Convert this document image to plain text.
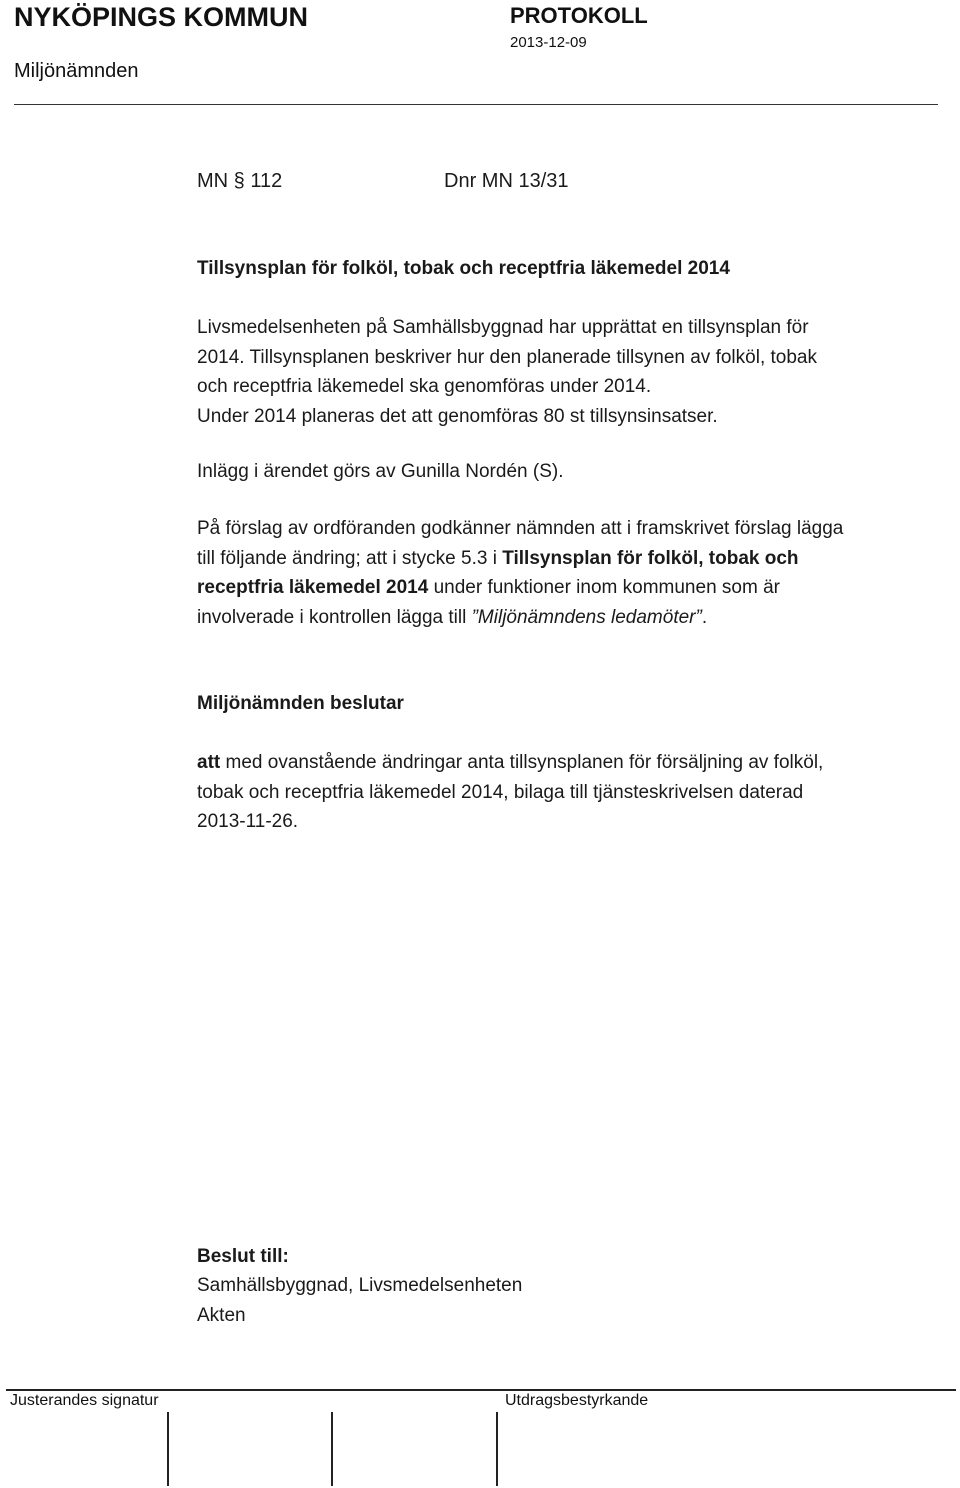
NYKÖPINGS KOMMUN
Miljönämnden
PROTOKOLL
2013-12-09
MN § 112	Dnr MN 13/31
Tillsynsplan för folköl, tobak och receptfria läkemedel 2014
Livsmedelsenheten på Samhällsbyggnad har upprättat en tillsynsplan för
2014. Tillsynsplanen beskriver hur den planerade tillsynen av folköl, tobak
och receptfria läkemedel ska genomföras under 2014.
Under 2014 planeras det att genomföras 80 st tillsynsinsatser.
Inlägg i ärendet görs av Gunilla Nordén (S).
På förslag av ordföranden godkänner nämnden att i framskrivet förslag lägga
till följande ändring; att i stycke 5.3 i Tillsynsplan för folköl, tobak och
receptfria läkemedel 2014 under funktioner inom kommunen som är
involverade i kontrollen lägga till ”Miljönämndens ledamöter”.
Miljönämnden beslutar
att med ovanstående ändringar anta tillsynsplanen för försäljning av folköl,
tobak och receptfria läkemedel 2014, bilaga till tjänsteskrivelsen daterad
2013-11-26.
Beslut till:
Samhällsbyggnad, Livsmedelsenheten
Akten
Justerandes signatur	Utdragsbestyrkande
